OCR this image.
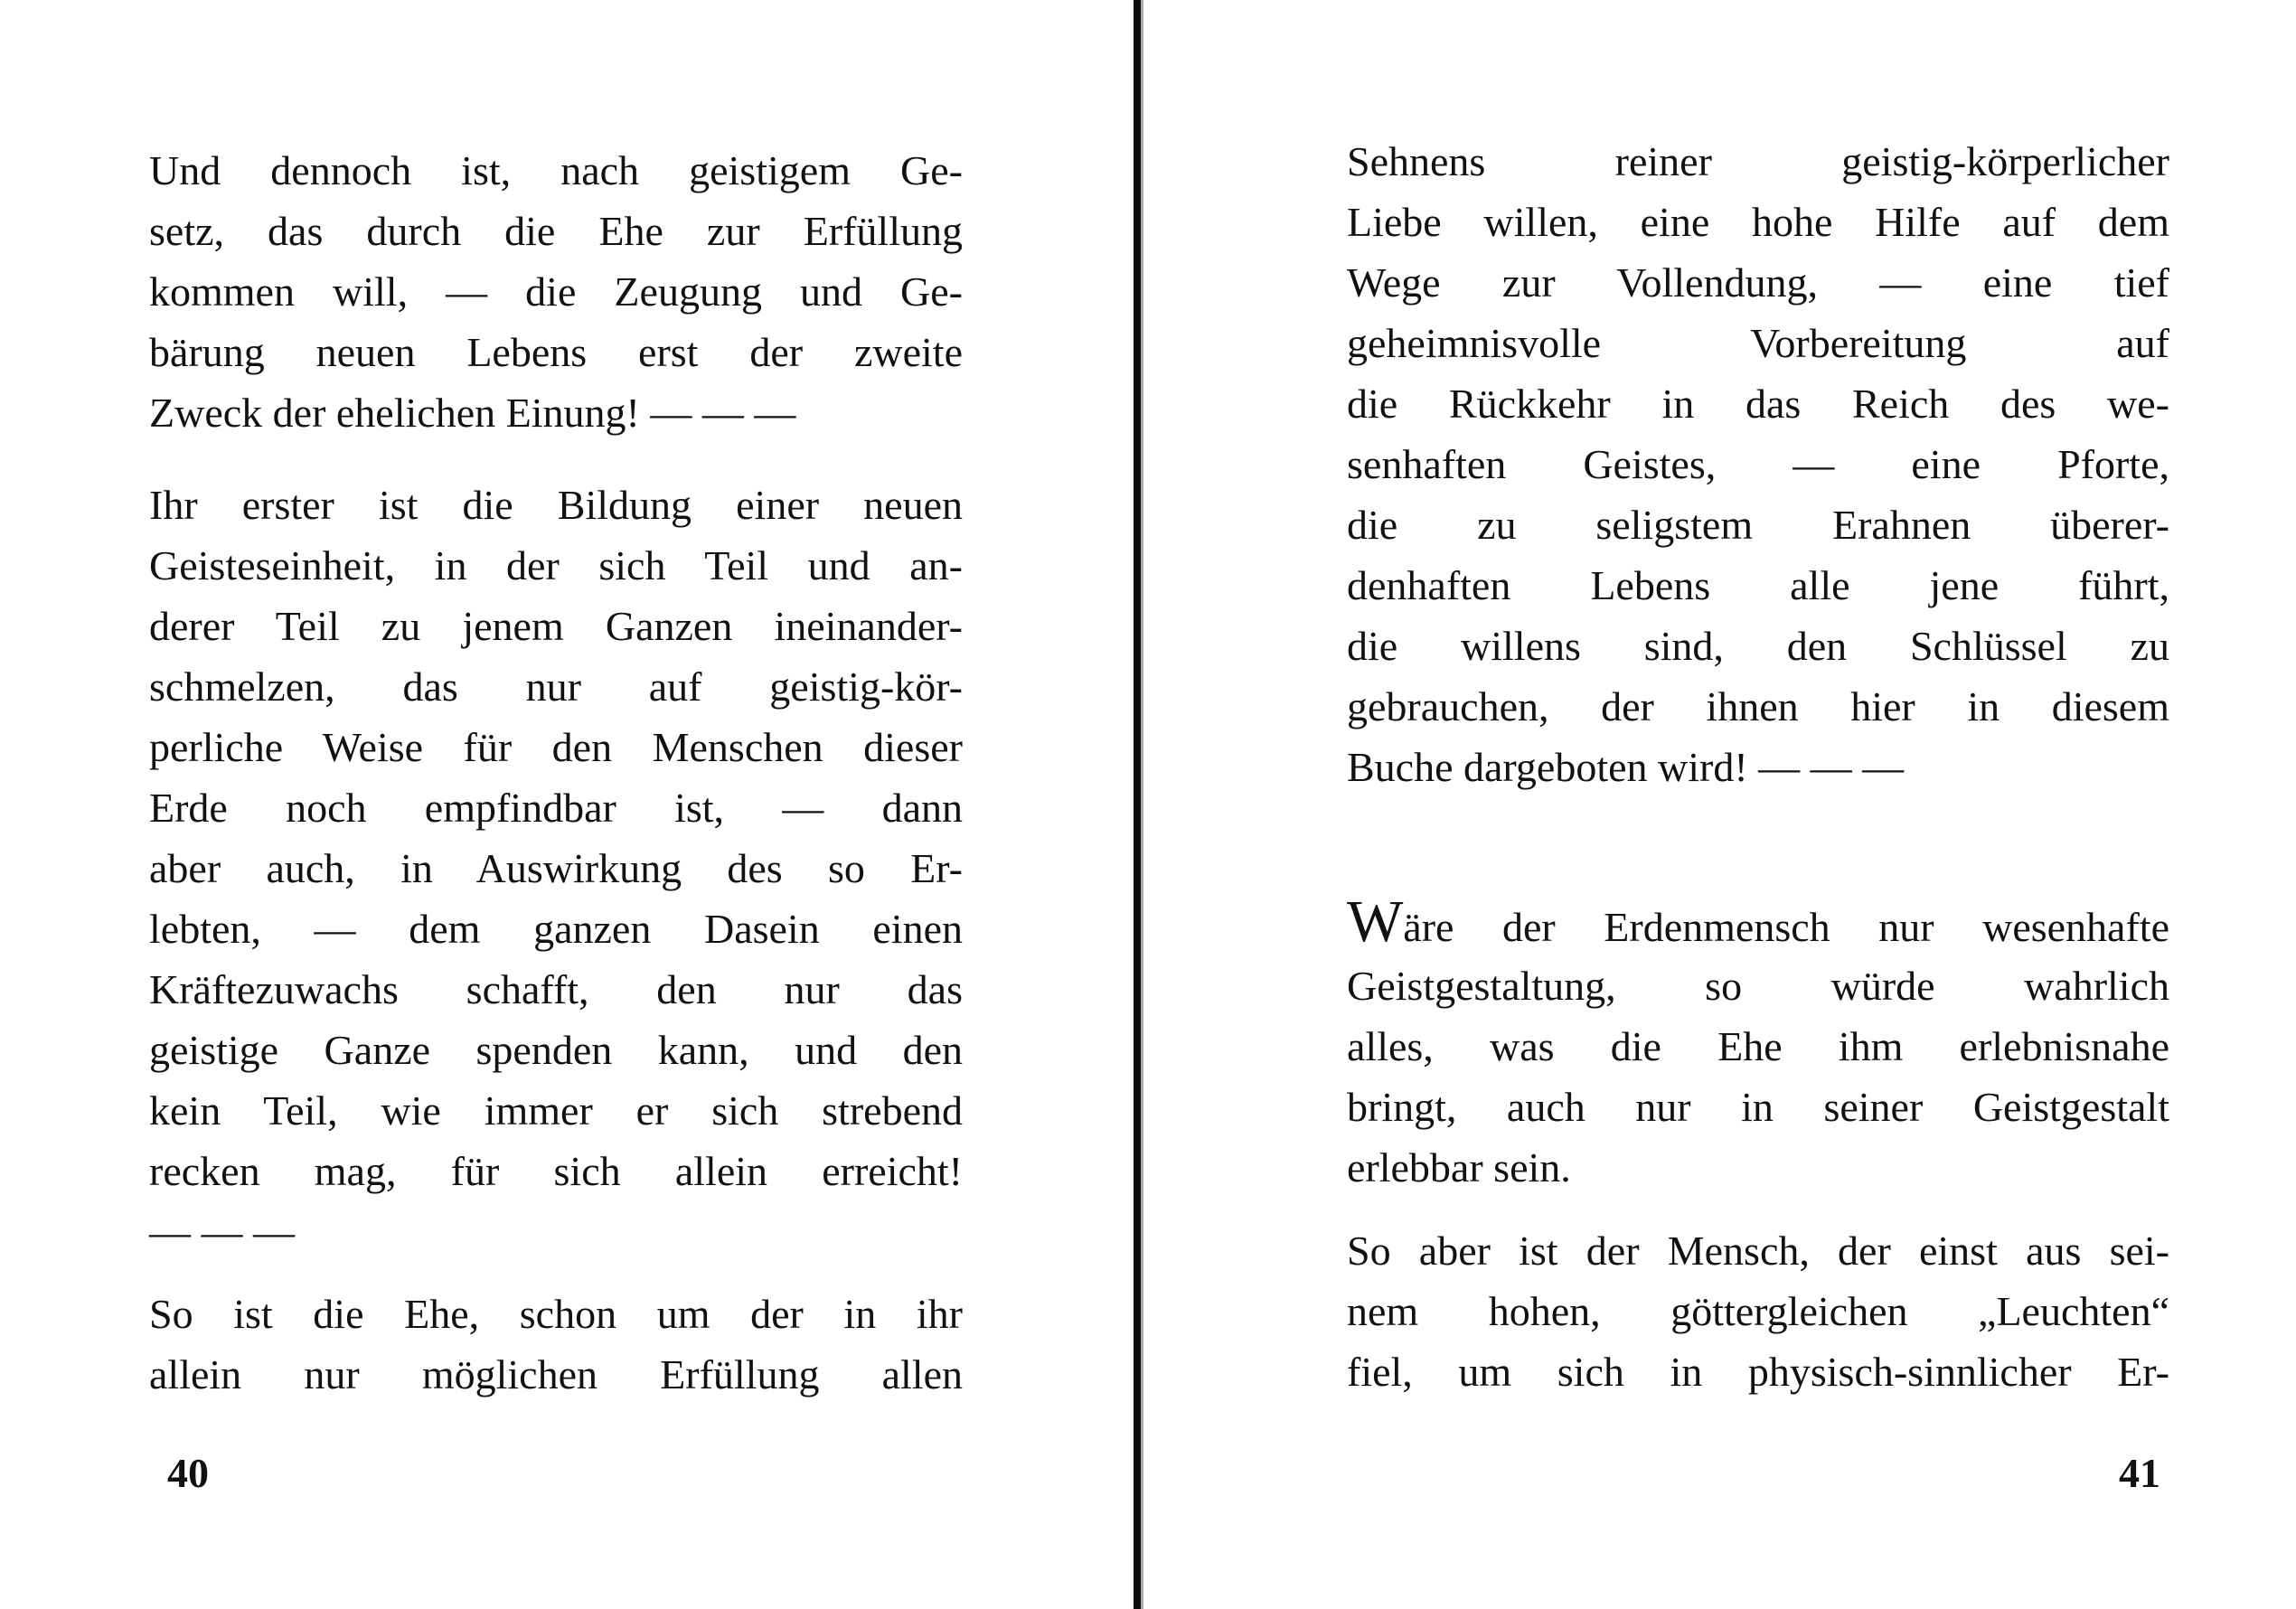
Und dennoch ist, nach geistigem Ge-
setz, das durch die Ehe zur Erfüllung
kommen will, — die Zeugung und Ge-
bärung neuen Lebens erst der zweite
Zweck der ehelichen Einung! — — —

Ihr erster ist die Bildung einer neuen
Geisteseinheit, in der sich Teil und an-
derer Teil zu jenem Ganzen ineinander-
schmelzen, das nur auf geistig-kör-
perliche Weise für den Menschen dieser
Erde noch empfindbar ist, — dann
aber auch, in Auswirkung des so Er-
lebten, — dem ganzen Dasein einen
Kräftezuwachs schafft, den nur das
geistige Ganze spenden kann, und den
kein Teil, wie immer er sich strebend
recken mag, für sich allein erreicht!
— — —

So ist die Ehe, schon um der in ihr
allein nur möglichen Erfüllung allen

40

Sehnens reiner geistig-körperlicher
Liebe willen, eine hohe Hilfe auf dem
Wege zur Vollendung, — eine tief
geheimnisvolle Vorbereitung auf
die Rückkehr in das Reich des we-
senhaften Geistes, — eine Pforte,
die zu seligstem Erahnen überer-
denhaften Lebens alle jene führt,
die willens sind, den Schlüssel zu
gebrauchen, der ihnen hier in diesem
Buche dargeboten wird! — — —

Wäre der Erdenmensch nur wesenhafte
Geistgestaltung, so würde wahrlich
alles, was die Ehe ihm erlebnisnahe
bringt, auch nur in seiner Geistgestalt
erlebbar sein.

So aber ist der Mensch, der einst aus sei-
nem hohen, göttergleichen „Leuchten“
fiel, um sich in physisch-sinnlicher Er-

41
